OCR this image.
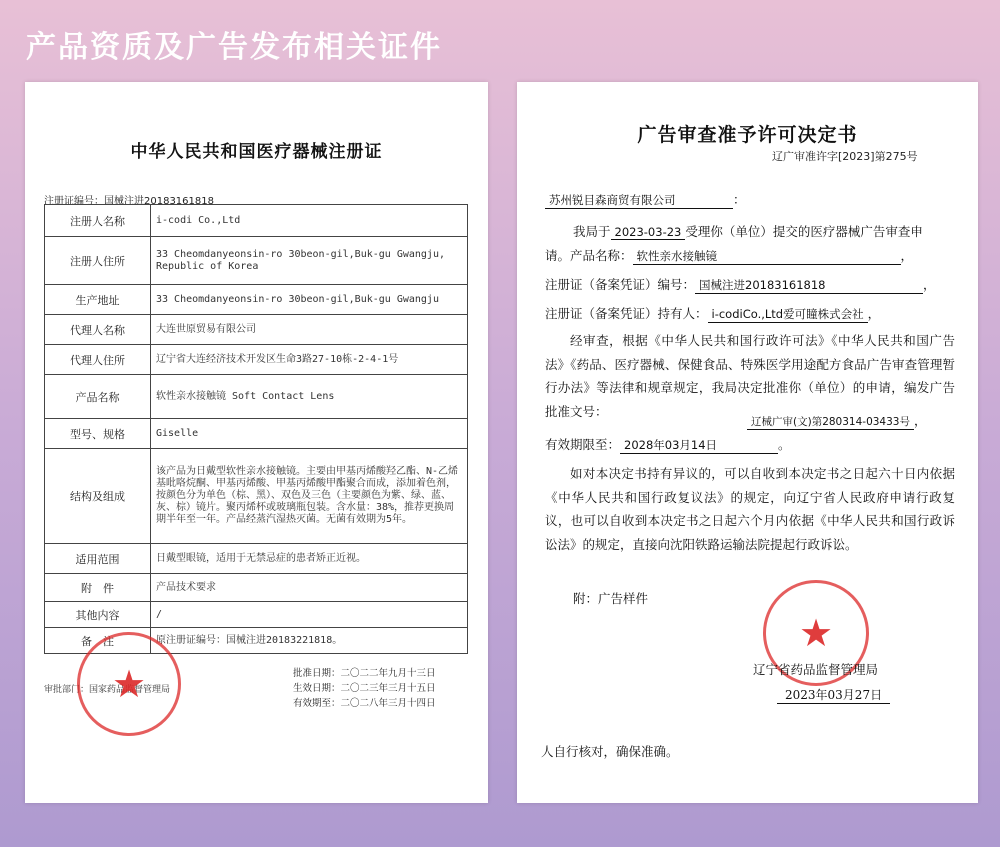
产品资质及广告发布相关证件
中华人民共和国医疗器械注册证
注册证编号：国械注进20183161818
注册人名称	i-codi Co.,Ltd
注册人住所	33 Cheomdanyeonsin-ro 30beon-gil,Buk-gu Gwangju, Republic of Korea
生产地址	33 Cheomdanyeonsin-ro 30beon-gil,Buk-gu Gwangju
代理人名称	大连世原贸易有限公司
代理人住所	辽宁省大连经济技术开发区生命3路27-10栋-2-4-1号
产品名称	软性亲水接触镜 Soft Contact Lens
型号、规格	Giselle
结构及组成	该产品为日戴型软性亲水接触镜。主要由甲基丙烯酸羟乙酯、N-乙烯基吡咯烷酮、甲基丙烯酸、甲基丙烯酸甲酯聚合而成，添加着色剂，按颜色分为单色（棕、黑）、双色及三色（主要颜色为紫、绿、蓝、灰、棕）镜片。聚丙烯杯或玻璃瓶包装。含水量：38%，推荐更换周期半年至一年。产品经蒸汽湿热灭菌。无菌有效期为5年。
适用范围	日戴型眼镜，适用于无禁忌症的患者矫正近视。
附　件	产品技术要求
其他内容	/
备　注	原注册证编号：国械注进20183221818。
审批部门：国家药品监督管理局
批准日期：二〇二二年九月十三日
生效日期：二〇二三年三月十五日
有效期至：二〇二八年三月十四日
★
广告审查准予许可决定书
辽广审准许字[2023]第275号
苏州锐目森商贸有限公司	：
我局于 2023-03-23 受理你（单位）提交的医疗器械广告审查申
请。产品名称： 软性亲水接触镜	，
注册证（备案凭证）编号： 国械注进20183161818	，
注册证（备案凭证）持有人： i-codiCo.,Ltd爱可瞳株式会社 ，
经审查，根据《中华人民共和国行政许可法》《中华人民共和国广告法》《药品、医疗器械、保健食品、特殊医学用途配方食品广告审查管理暂行办法》等法律和规章规定，我局决定批准你（单位）的申请，编发广告批准文号：
辽械广审(文)第280314-03433号 ，
有效期限至： 2028年03月14日	。
如对本决定书持有异议的，可以自收到本决定书之日起六十日内依据《中华人民共和国行政复议法》的规定，向辽宁省人民政府申请行政复议，也可以自收到本决定书之日起六个月内依据《中华人民共和国行政诉讼法》的规定，直接向沈阳铁路运输法院提起行政诉讼。
附：广告样件
★
辽宁省药品监督管理局
2023年03月27日
人自行核对，确保准确。
